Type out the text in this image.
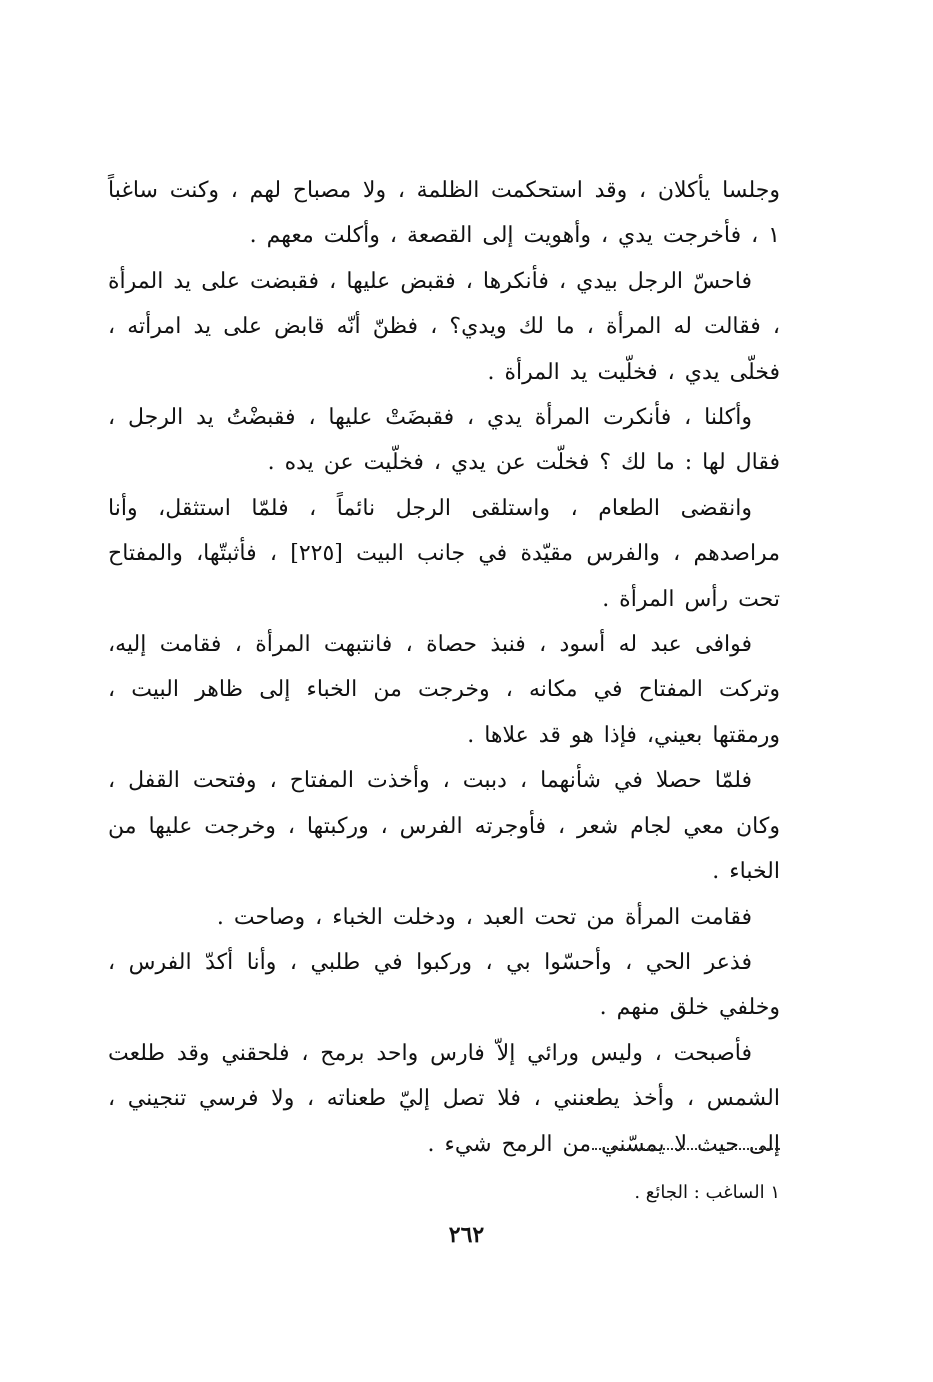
وجلسا يأكلان ، وقد استحكمت الظلمة ، ولا مصباح لهم ، وكنت ساغباً ١ ، فأخرجت يدي ، وأهويت إلى القصعة ، وأكلت معهم .

فاحسّ الرجل بيدي ، فأنكرها ، فقبض عليها ، فقبضت على يد المرأة ، فقالت له المرأة ، ما لك ويدي؟ ، فظنّ أنّه قابض على يد امرأته ، فخلّى يدي ، فخلّيت يد المرأة .

وأكلنا ، فأنكرت المرأة يدي ، فقبضَتْ عليها ، فقبضْتُ يد الرجل ، فقال لها : ما لك ؟ فخلّت عن يدي ، فخلّيت عن يده .

وانقضى الطعام ، واستلقى الرجل نائماً ، فلمّا استثقل، وأنا مراصدهم ، والفرس مقيّدة في جانب البيت [٢٢٥] ، فأثبتّها، والمفتاح تحت رأس المرأة .

فوافى عبد له أسود ، فنبذ حصاة ، فانتبهت المرأة ، فقامت إليه، وتركت المفتاح في مكانه ، وخرجت من الخباء إلى ظاهر البيت ، ورمقتها بعيني، فإذا هو قد علاها .

فلمّا حصلا في شأنهما ، دببت ، وأخذت المفتاح ، وفتحت القفل ، وكان معي لجام شعر ، فأوجرته الفرس ، وركبتها ، وخرجت عليها من الخباء .

فقامت المرأة من تحت العبد ، ودخلت الخباء ، وصاحت .

فذعر الحي ، وأحسّوا بي ، وركبوا في طلبي ، وأنا أكدّ الفرس ، وخلفي خلق منهم .

فأصبحت ، وليس ورائي إلاّ فارس واحد برمح ، فلحقني وقد طلعت الشمس ، وأخذ يطعنني ، فلا تصل إليّ طعناته ، ولا فرسي تنجيني ، إلى حيث لا يمسّني من الرمح شيء .

١ الساغب : الجائع .
٢٦٢
